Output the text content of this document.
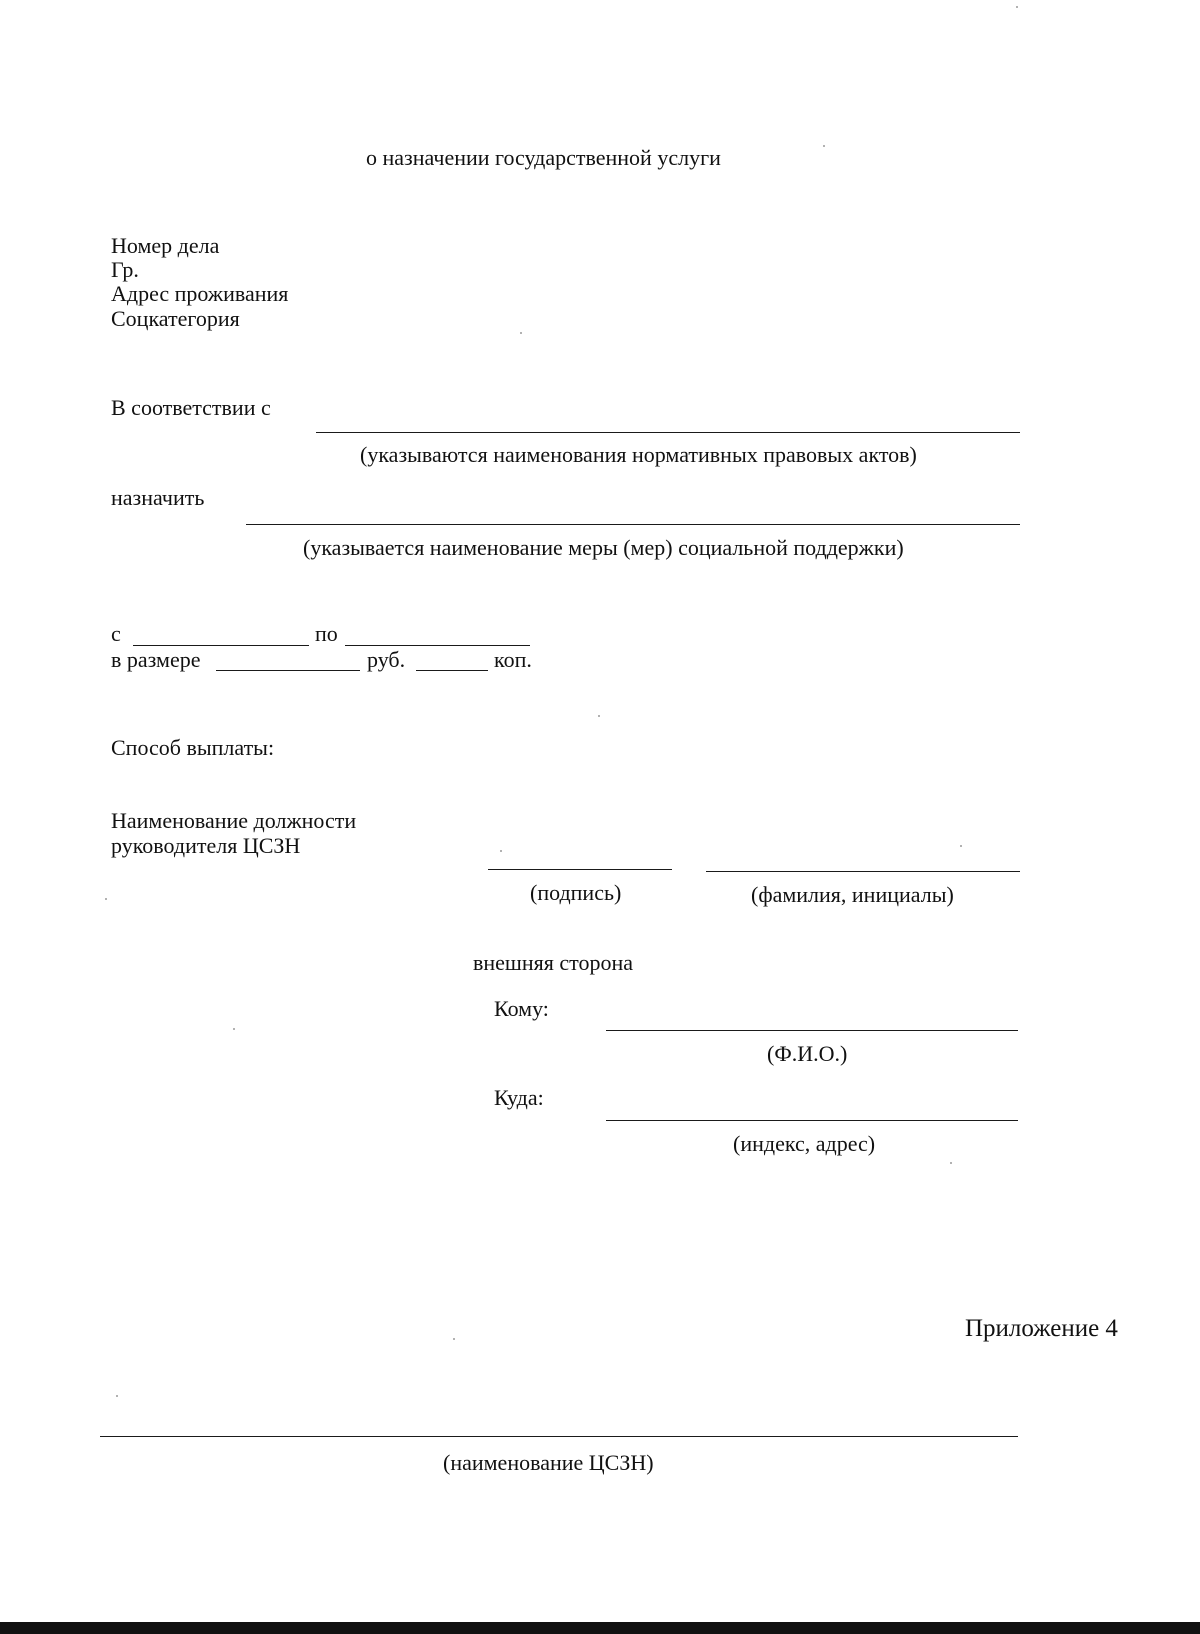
о назначении государственной услуги
Номер дела
Гр.
Адрес проживания
Соцкатегория
В соответствии с
(указываются наименования нормативных правовых актов)
назначить
(указывается наименование меры (мер) социальной поддержки)
с	по
в размере	руб.	коп.
Способ выплаты:
Наименование должности
руководителя ЦСЗН
(подпись)	(фамилия, инициалы)
внешняя сторона
Кому:
(Ф.И.О.)
Куда:
(индекс, адрес)
Приложение 4
(наименование ЦСЗН)
